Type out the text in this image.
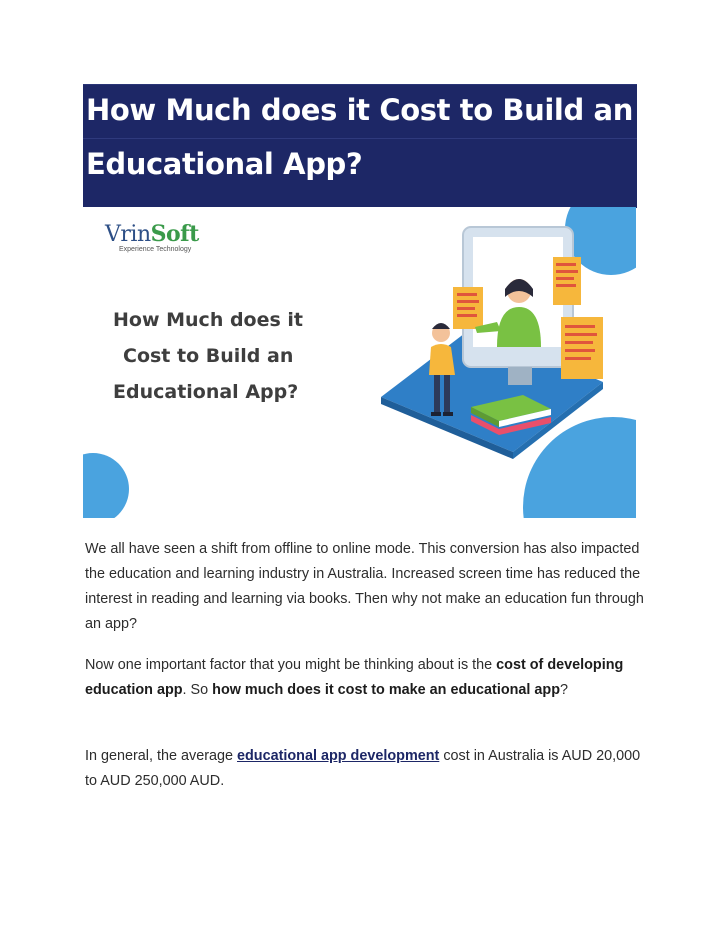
How Much does it Cost to Build an
Educational App?
VrinSoft
Experience Technology
How Much does it
Cost to Build an
Educational App?
We all have seen a shift from offline to online mode. This conversion has also impacted the education and learning industry in Australia. Increased screen time has reduced the interest in reading and learning via books. Then why not make an education fun through an app?
Now one important factor that you might be thinking about is the cost of developing education app. So how much does it cost to make an educational app?
In general, the average educational app development cost in Australia is AUD 20,000 to AUD 250,000 AUD.
